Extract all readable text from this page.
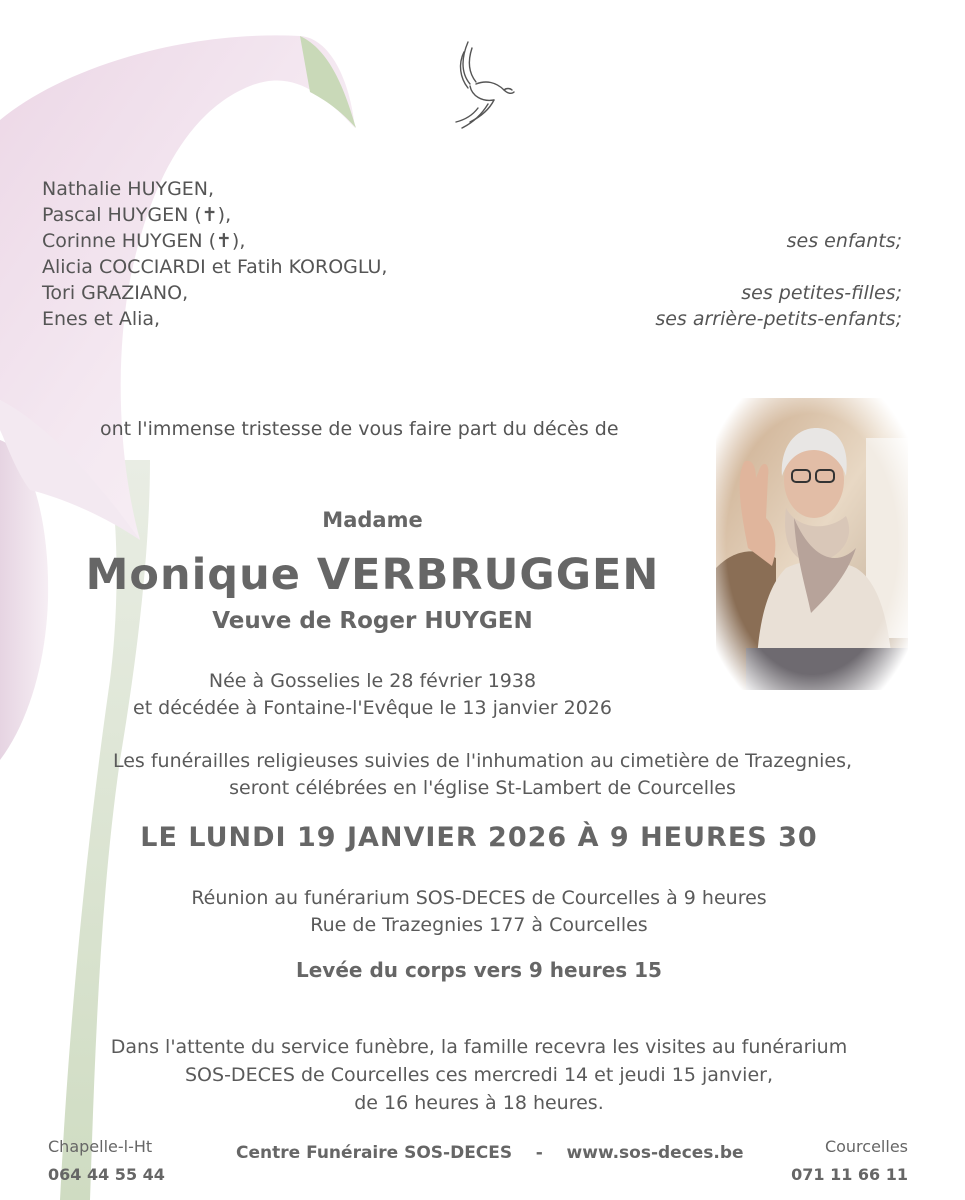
Nathalie HUYGEN,
Pascal HUYGEN (✝),
Corinne HUYGEN (✝),	ses enfants;
Alicia COCCIARDI et Fatih KOROGLU,
Tori GRAZIANO,	ses petites-filles;
Enes et Alia,	ses arrière-petits-enfants;
ont l'immense tristesse de vous faire part du décès de
Madame
Monique VERBRUGGEN
Veuve de Roger HUYGEN
Née à Gosselies le 28 février 1938
et décédée à Fontaine-l'Evêque le 13 janvier 2026
Les funérailles religieuses suivies de l'inhumation au cimetière de Trazegnies,
seront célébrées en l'église St-Lambert de Courcelles
LE LUNDI 19 JANVIER 2026 À 9 HEURES 30
Réunion au funérarium SOS-DECES de Courcelles à 9 heures
Rue de Trazegnies 177 à Courcelles
Levée du corps vers 9 heures 15
Dans l'attente du service funèbre, la famille recevra les visites au funérarium
SOS-DECES de Courcelles ces mercredi 14 et jeudi 15 janvier,
de 16 heures à 18 heures.
Chapelle-l-Ht
064 44 55 44
Centre Funéraire SOS-DECES    -    www.sos-deces.be	Courcelles
071 11 66 11
